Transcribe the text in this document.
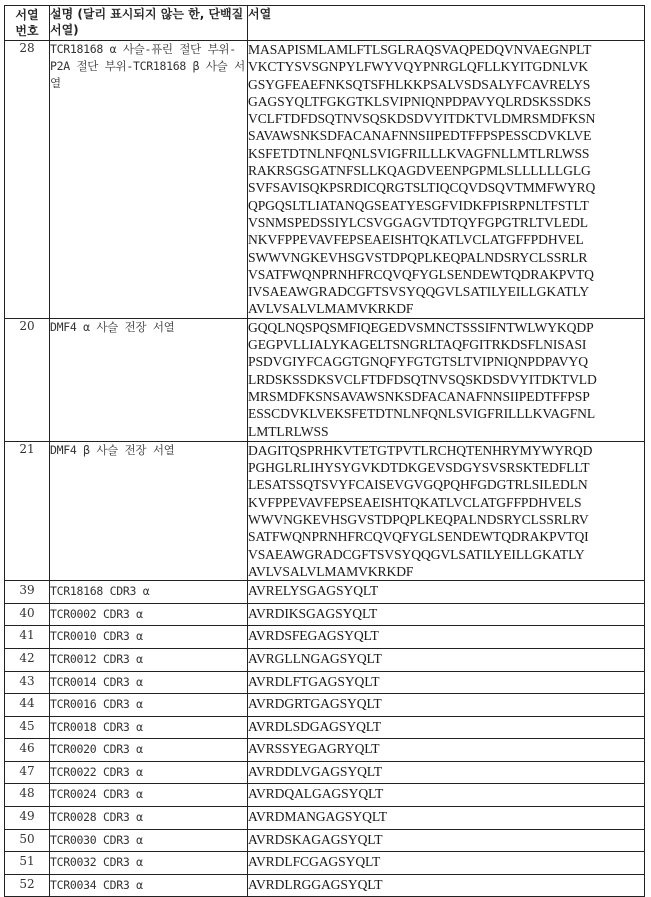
서열
번호	설명 (달리 표시되지 않는 한, 단백질 서열)	서열
28	TCR18168 α 사슬-퓨린 절단 부위-P2A 절단 부위-TCR18168 β 사슬 서열	MASAPISMLAMLFTLSGLRAQSVAQPEDQVNVAEGNPLT
VKCTYSVSGNPYLFWYVQYPNRGLQFLLKYITGDNLVK
GSYGFEAEFNKSQTSFHLKKPSALVSDSALYFCAVRELYS
GAGSYQLTFGKGTKLSVIPNIQNPDPAVYQLRDSKSSDKS
VCLFTDFDSQTNVSQSKDSDVYITDKTVLDMRSMDFKSN
SAVAWSNKSDFACANAFNNSIIPEDTFFPSPESSCDVKLVE
KSFETDTNLNFQNLSVIGFRILLLKVAGFNLLMTLRLWSS
RAKRSGSGATNFSLLKQAGDVEENPGPMLSLLLLLLGLG
SVFSAVISQKPSRDICQRGTSLTIQCQVDSQVTMMFWYRQ
QPGQSLTLIATANQGSEATYESGFVIDKFPISRPNLTFSTLT
VSNMSPEDSSIYLCSVGGAGVTDTQYFGPGTRLTVLEDL
NKVFPPEVAVFEPSEAEISHTQKATLVCLATGFFPDHVEL
SWWVNGKEVHSGVSTDPQPLKEQPALNDSRYCLSSRLR
VSATFWQNPRNHFRCQVQFYGLSENDEWTQDRAKPVTQ
IVSAEAWGRADCGFTSVSYQQGVLSATILYEILLGKATLY
AVLVSALVLMAMVKRKDF
20	DMF4 α 사슬 전장 서열	GQQLNQSPQSMFIQEGEDVSMNCTSSSIFNTWLWYKQDP
GEGPVLLIALYKAGELTSNGRLTAQFGITRKDSFLNISASI
PSDVGIYFCAGGTGNQFYFGTGTSLTVIPNIQNPDPAVYQ
LRDSKSSDKSVCLFTDFDSQTNVSQSKDSDVYITDKTVLD
MRSMDFKSNSAVAWSNKSDFACANAFNNSIIPEDTFFPSP
ESSCDVKLVEKSFETDTNLNFQNLSVIGFRILLLKVAGFNL
LMTLRLWSS
21	DMF4 β 사슬 전장 서열	DAGITQSPRHKVTETGTPVTLRCHQTENHRYMYWYRQD
PGHGLRLIHYSYGVKDTDKGEVSDGYSVSRSKTEDFLLT
LESATSSQTSVYFCAISEVGVGQPQHFGDGTRLSILEDLN
KVFPPEVAVFEPSEAEISHTQKATLVCLATGFFPDHVELS
WWVNGKEVHSGVSTDPQPLKEQPALNDSRYCLSSRLRV
SATFWQNPRNHFRCQVQFYGLSENDEWTQDRAKPVTQI
VSAEAWGRADCGFTSVSYQQGVLSATILYEILLGKATLY
AVLVSALVLMAMVKRKDF
39	TCR18168 CDR3 α	AVRELYSGAGSYQLT
40	TCR0002 CDR3 α	AVRDIKSGAGSYQLT
41	TCR0010 CDR3 α	AVRDSFEGAGSYQLT
42	TCR0012 CDR3 α	AVRGLLNGAGSYQLT
43	TCR0014 CDR3 α	AVRDLFTGAGSYQLT
44	TCR0016 CDR3 α	AVRDGRTGAGSYQLT
45	TCR0018 CDR3 α	AVRDLSDGAGSYQLT
46	TCR0020 CDR3 α	AVRSSYEGAGRYQLT
47	TCR0022 CDR3 α	AVRDDLVGAGSYQLT
48	TCR0024 CDR3 α	AVRDQALGAGSYQLT
49	TCR0028 CDR3 α	AVRDMANGAGSYQLT
50	TCR0030 CDR3 α	AVRDSKAGAGSYQLT
51	TCR0032 CDR3 α	AVRDLFCGAGSYQLT
52	TCR0034 CDR3 α	AVRDLRGGAGSYQLT
